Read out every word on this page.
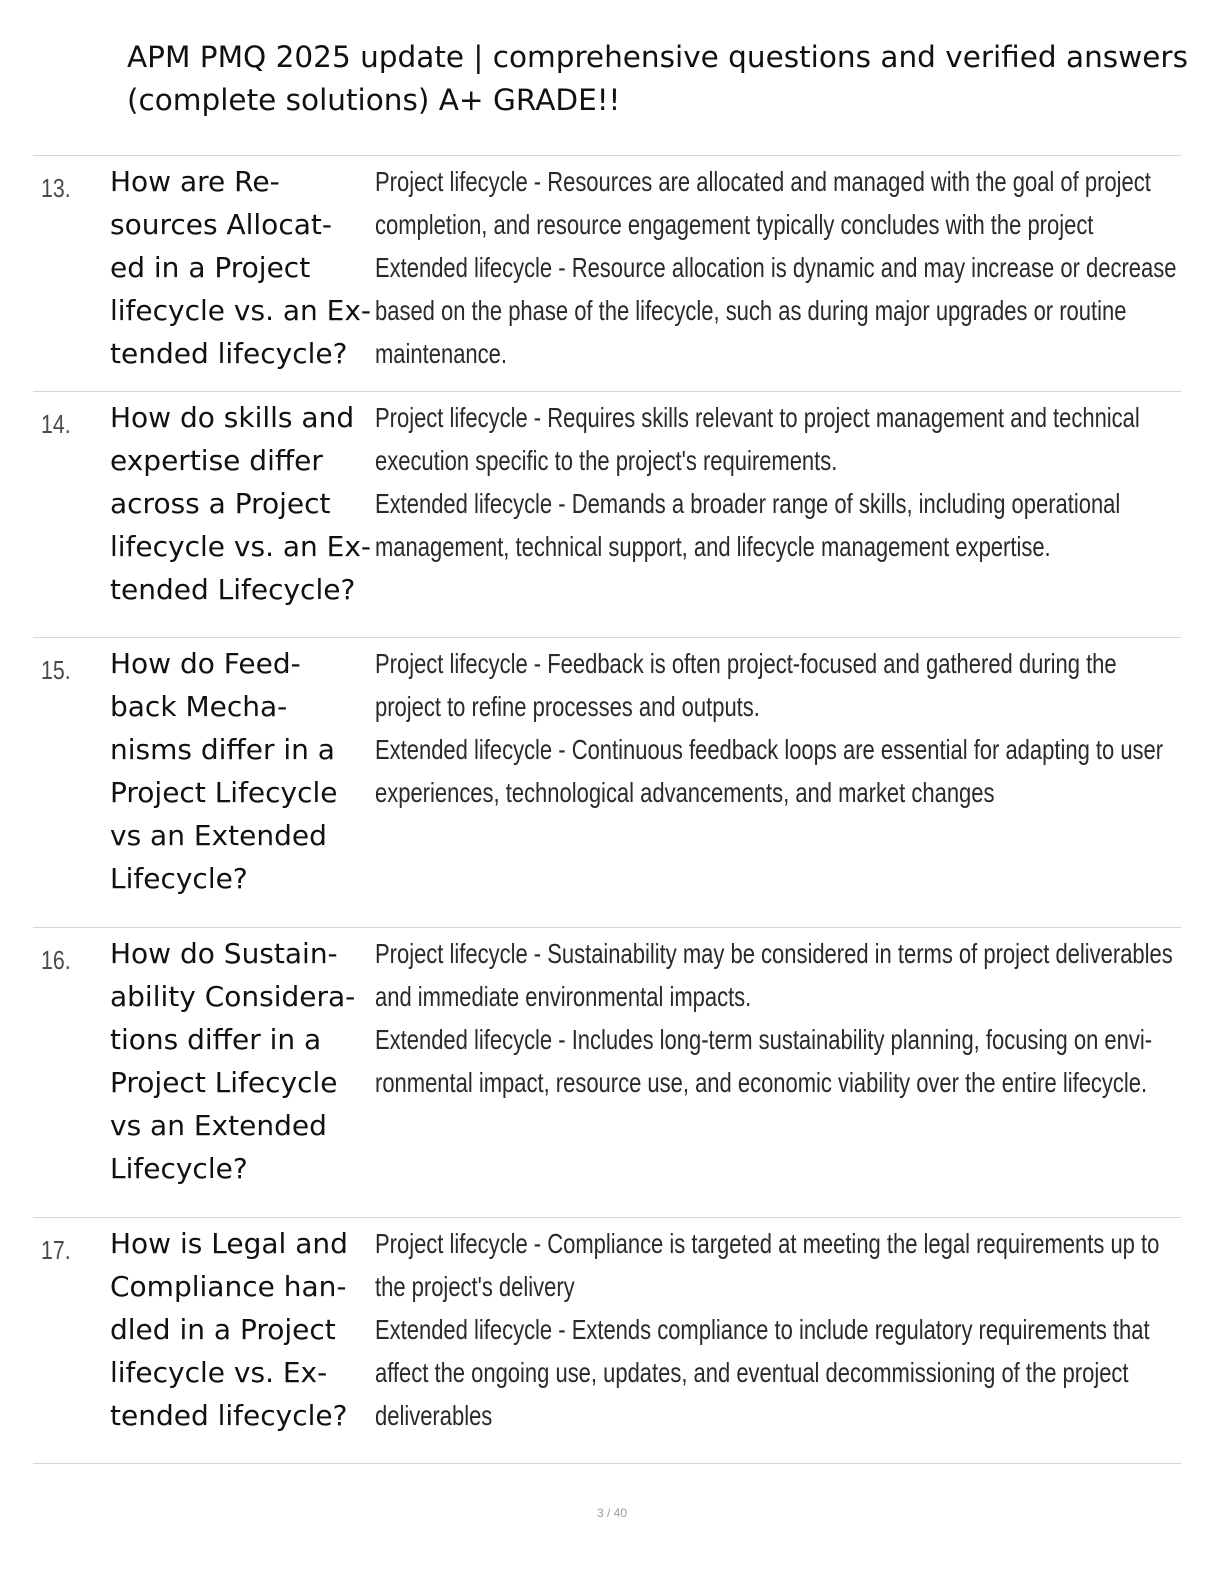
APM PMQ 2025 update | comprehensive questions and verified answers
(complete solutions) A+ GRADE!!
13. How are Re-
sources Allocat-
ed in a Project
lifecycle vs. an Ex-
tended lifecycle?
Project lifecycle - Resources are allocated and managed with the goal of project
completion, and resource engagement typically concludes with the project
Extended lifecycle - Resource allocation is dynamic and may increase or decrease
based on the phase of the lifecycle, such as during major upgrades or routine
maintenance.
14. How do skills and
expertise differ
across a Project
lifecycle vs. an Ex-
tended Lifecycle?
Project lifecycle - Requires skills relevant to project management and technical
execution specific to the project's requirements.
Extended lifecycle - Demands a broader range of skills, including operational
management, technical support, and lifecycle management expertise.
15. How do Feed-
back Mecha-
nisms differ in a
Project Lifecycle
vs an Extended
Lifecycle?
Project lifecycle - Feedback is often project-focused and gathered during the
project to refine processes and outputs.
Extended lifecycle - Continuous feedback loops are essential for adapting to user
experiences, technological advancements, and market changes
16. How do Sustain-
ability Considera-
tions differ in a
Project Lifecycle
vs an Extended
Lifecycle?
Project lifecycle - Sustainability may be considered in terms of project deliverables
and immediate environmental impacts.
Extended lifecycle - Includes long-term sustainability planning, focusing on envi-
ronmental impact, resource use, and economic viability over the entire lifecycle.
17. How is Legal and
Compliance han-
dled in a Project
lifecycle vs. Ex-
tended lifecycle?
Project lifecycle - Compliance is targeted at meeting the legal requirements up to
the project's delivery
Extended lifecycle - Extends compliance to include regulatory requirements that
affect the ongoing use, updates, and eventual decommissioning of the project
deliverables
3 / 40
